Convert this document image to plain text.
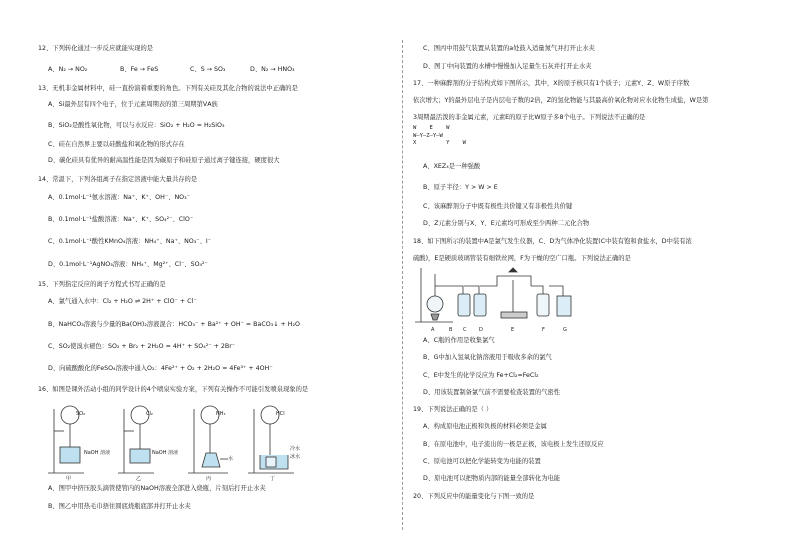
12、下列转化通过一步反应就能实现的是
A、N₂ → NO₂	B、Fe → FeS	C、S → SO₃	D、N₂ → HNO₃
13、无机非金属材料中，硅一直扮演着重要的角色。下列有关硅及其化合物的说法中正确的是
A、Si最外层有四个电子，位于元素周期表的第三周期第ⅤA族
B、SiO₂是酸性氧化物，可以与水反应：SiO₂ + H₂O = H₂SiO₃
C、硅在自然界主要以硅酸盐和氧化物的形式存在
D、碳化硅具有优异的耐高温性能是因为碳原子和硅原子通过离子键连接，硬度很大
14、常温下，下列各组离子在指定溶液中能大量共存的是
A、0.1mol·L⁻¹氨水溶液：Na⁺、K⁺、OH⁻、NO₃⁻
B、0.1mol·L⁻¹盐酸溶液：Na⁺、K⁺、SO₄²⁻、ClO⁻
C、0.1mol·L⁻¹酸性KMnO₄溶液：NH₄⁺、Na⁺、NO₃⁻、I⁻
D、0.1mol·L⁻¹AgNO₃溶液：NH₄⁺、Mg²⁺、Cl⁻、SO₄²⁻
15、下列指定反应的离子方程式书写正确的是
A、氯气通入水中：Cl₂ + H₂O ⇌ 2H⁺ + ClO⁻ + Cl⁻
B、NaHCO₃溶液与少量的Ba(OH)₂溶液混合：HCO₃⁻ + Ba²⁺ + OH⁻ = BaCO₃↓ + H₂O
C、SO₂使溴水褪色：SO₂ + Br₂ + 2H₂O = 4H⁺ + SO₄²⁻ + 2Br⁻
D、向硫酸酸化的FeSO₄溶液中通入O₂：4Fe²⁺ + O₂ + 2H₂O = 4Fe³⁺ + 4OH⁻
16、如图是课外活动小组的同学设计的4个喷泉实验方案，下列有关操作不可能引发喷泉现象的是
SO₂	Cl₂	NH₃	HCl
NaOH 溶液	NaOH 溶液
水
冷水
冰水
甲	乙	丙	丁
A、图甲中挤压胶头滴管使管内的NaOH溶液全部进入烧瓶，片刻后打开止水夹
B、图乙中用热毛巾捂住圆底烧瓶底部并打开止水夹
C、图丙中用鼓气装置从装置的a处鼓入适量氮气并打开止水夹
D、图丁中向装置的水槽中慢慢加入足量生石灰并打开止水夹
17、一种麻醉剂的分子结构式如下图所示，其中，X的原子核只有1个质子；元素Y、Z、W原子序数
依次增大；Y的最外层电子是内层电子数的2倍，Z的氢化物能与其最高价氧化物对应水化物生成盐，W是第
3周期最活泼的非金属元素，元素E的原子比W原子多8个电子。下列说法不正确的是
W    E    W
W—Y—Z—Y—W
X         Y    W
A、XEZ₄是一种强酸
B、原子半径：Y > W > E
C、该麻醉剂分子中既有极性共价键又有非极性共价键
D、Z元素分别与X、Y、E元素均可形成至少两种二元化合物
18、如下图所示的装置中A是氯气发生仪器，C、D为气体净化装置(C中装有饱和食盐水，D中装有浓
硫酸)，E是硬质玻璃管装有细铁丝网，F为干燥的空广口瓶。下列说法正确的是
A	B C	D	E	F	G
A、C瓶的作用是收集氯气
B、G中加入氢氧化钠溶液用于吸收多余的氯气
C、E中发生的化学反应为 Fe+Cl₂=FeCl₂
D、用该装置制备氯气前不需要检查装置的气密性
19、下列说法正确的是（ ）
A、构成原电池正极和负极的材料必须是金属
B、在原电池中，电子流出的一极是正极，该电极上发生还原反应
C、原电池可以把化学能转变为电能的装置
D、原电池可以把物质内部的能量全部转化为电能
20、下列反应中的能量变化与下图一致的是
